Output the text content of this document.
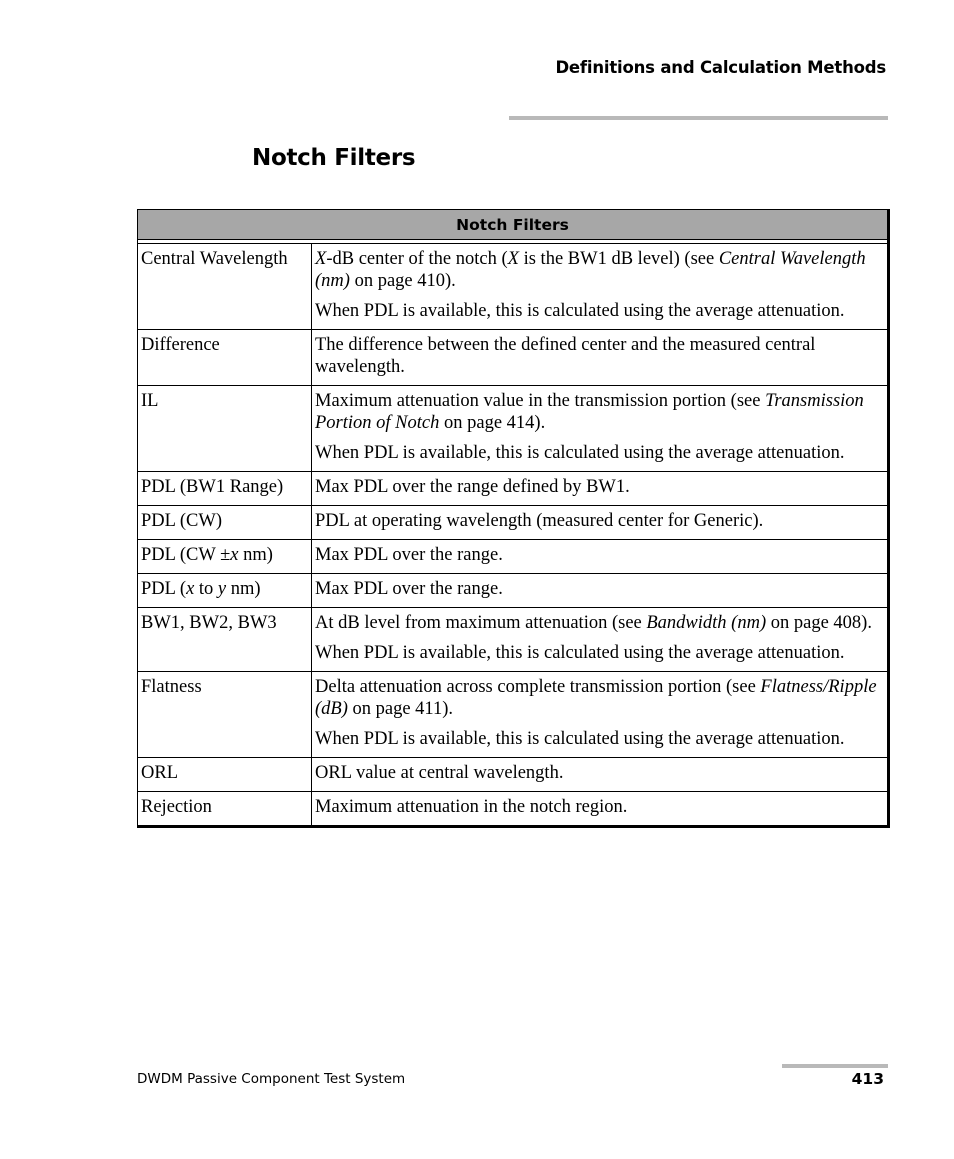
Definitions and Calculation Methods
Notch Filters
Notch Filters	

Central Wavelength	X-dB center of the notch (X is the BW1 dB level) (see Central Wavelength (nm) on page 410).

When PDL is available, this is calculated using the average attenuation.

Difference	The difference between the defined center and the measured central wavelength.

IL	Maximum attenuation value in the transmission portion (see Transmission Portion of Notch on page 414).

When PDL is available, this is calculated using the average attenuation.

PDL (BW1 Range)	Max PDL over the range defined by BW1.

PDL (CW)	PDL at operating wavelength (measured center for Generic).

PDL (CW ±x nm)	Max PDL over the range.

PDL (x to y nm)	Max PDL over the range.

BW1, BW2, BW3	At dB level from maximum attenuation (see Bandwidth (nm) on page 408).

When PDL is available, this is calculated using the average attenuation.

Flatness	Delta attenuation across complete transmission portion (see Flatness/Ripple (dB) on page 411).

When PDL is available, this is calculated using the average attenuation.

ORL	ORL value at central wavelength.

Rejection	Maximum attenuation in the notch region.

DWDM Passive Component Test System	413
